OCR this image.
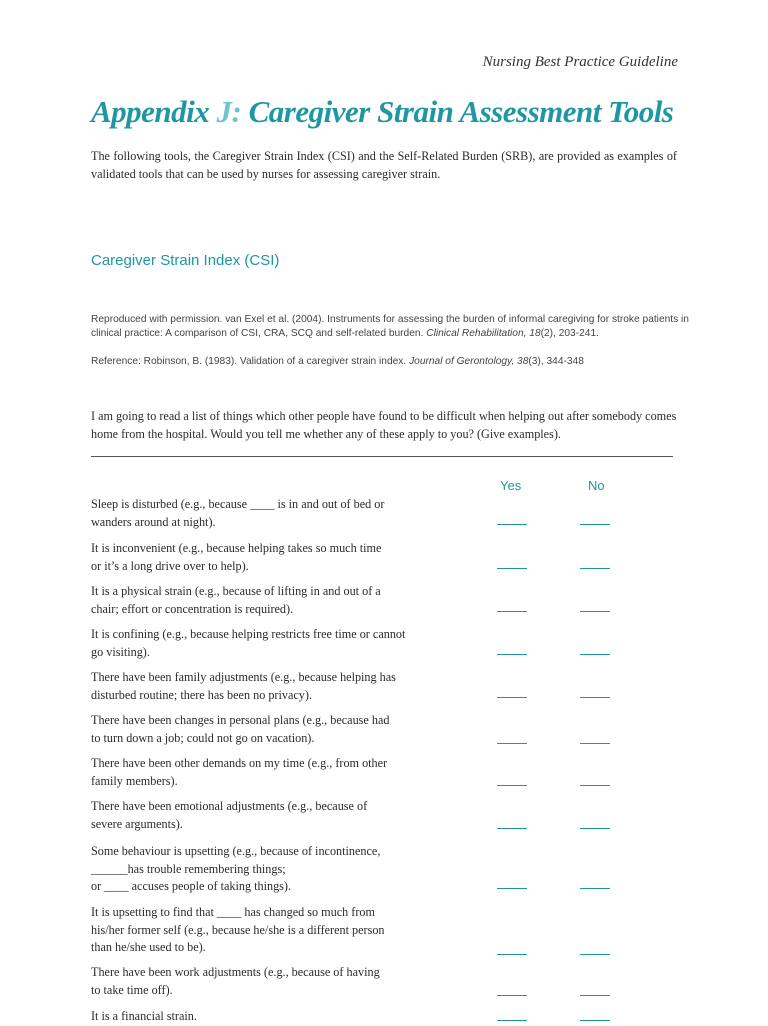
Nursing Best Practice Guideline
Appendix J: Caregiver Strain Assessment Tools

The following tools, the Caregiver Strain Index (CSI) and the Self-Related Burden (SRB), are provided as examples of validated tools that can be used by nurses for assessing caregiver strain.

Caregiver Strain Index (CSI)

Reproduced with permission. van Exel et al. (2004). Instruments for assessing the burden of informal caregiving for stroke patients in clinical practice: A comparison of CSI, CRA, SCQ and self-related burden. Clinical Rehabilitation, 18(2), 203-241.

Reference: Robinson, B. (1983). Validation of a caregiver strain index. Journal of Gerontology, 38(3), 344-348

I am going to read a list of things which other people have found to be difficult when helping out after somebody comes home from the hospital. Would you tell me whether any of these apply to you? (Give examples).

Yes	No

Sleep is disturbed (e.g., because ____ is in and out of bed or
wanders around at night).

It is inconvenient (e.g., because helping takes so much time
or it’s a long drive over to help).

It is a physical strain (e.g., because of lifting in and out of a
chair; effort or concentration is required).

It is confining (e.g., because helping restricts free time or cannot
go visiting).

There have been family adjustments (e.g., because helping has
disturbed routine; there has been no privacy).

There have been changes in personal plans (e.g., because had
to turn down a job; could not go on vacation).

There have been other demands on my time (e.g., from other
family members).

There have been emotional adjustments (e.g., because of
severe arguments).

Some behaviour is upsetting (e.g., because of incontinence,
______has trouble remembering things;
or ____ accuses people of taking things).

It is upsetting to find that ____ has changed so much from
his/her former self (e.g., because he/she is a different person
than he/she used to be).

There have been work adjustments (e.g., because of having
to take time off).

It is a financial strain.
